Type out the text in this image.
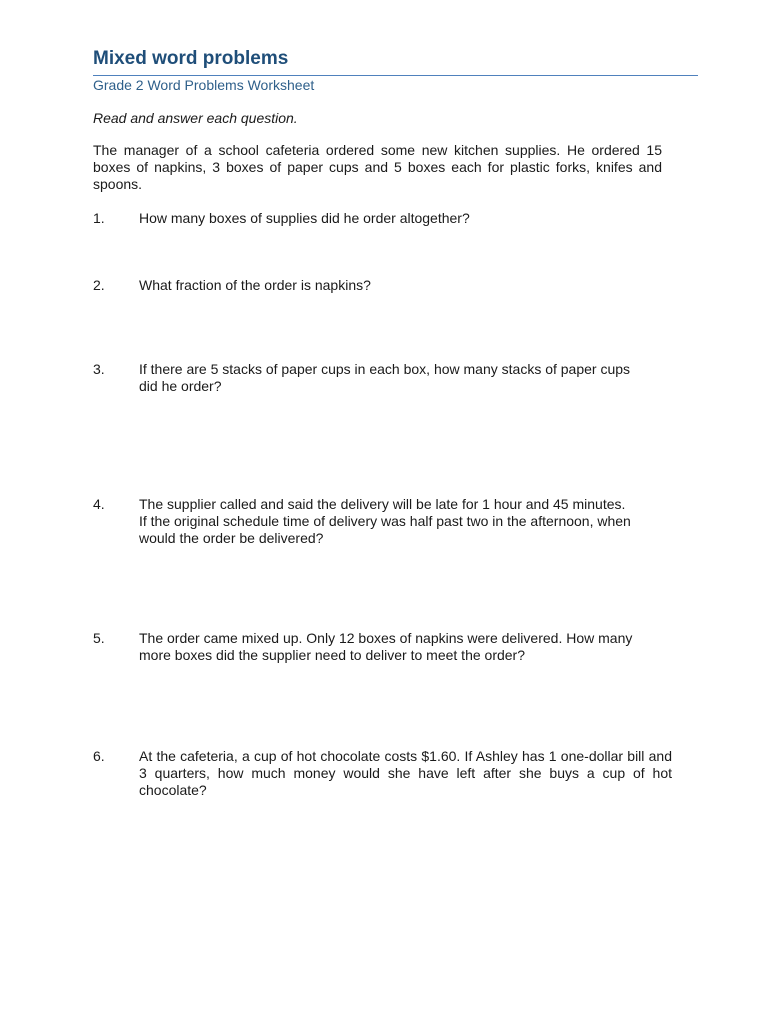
Mixed word problems
Grade 2 Word Problems Worksheet
Read and answer each question.
The manager of a school cafeteria ordered some new kitchen supplies. He ordered 15 boxes of napkins, 3 boxes of paper cups and 5 boxes each for plastic forks, knifes and spoons.
1.	How many boxes of supplies did he order altogether?
2.	What fraction of the order is napkins?
3.	If there are 5 stacks of paper cups in each box, how many stacks of paper cups did he order?
4.	The supplier called and said the delivery will be late for 1 hour and 45 minutes. If the original schedule time of delivery was half past two in the afternoon, when would the order be delivered?
5.	The order came mixed up. Only 12 boxes of napkins were delivered. How many more boxes did the supplier need to deliver to meet the order?
6.	At the cafeteria, a cup of hot chocolate costs $1.60. If Ashley has 1 one-dollar bill and 3 quarters, how much money would she have left after she buys a cup of hot chocolate?
